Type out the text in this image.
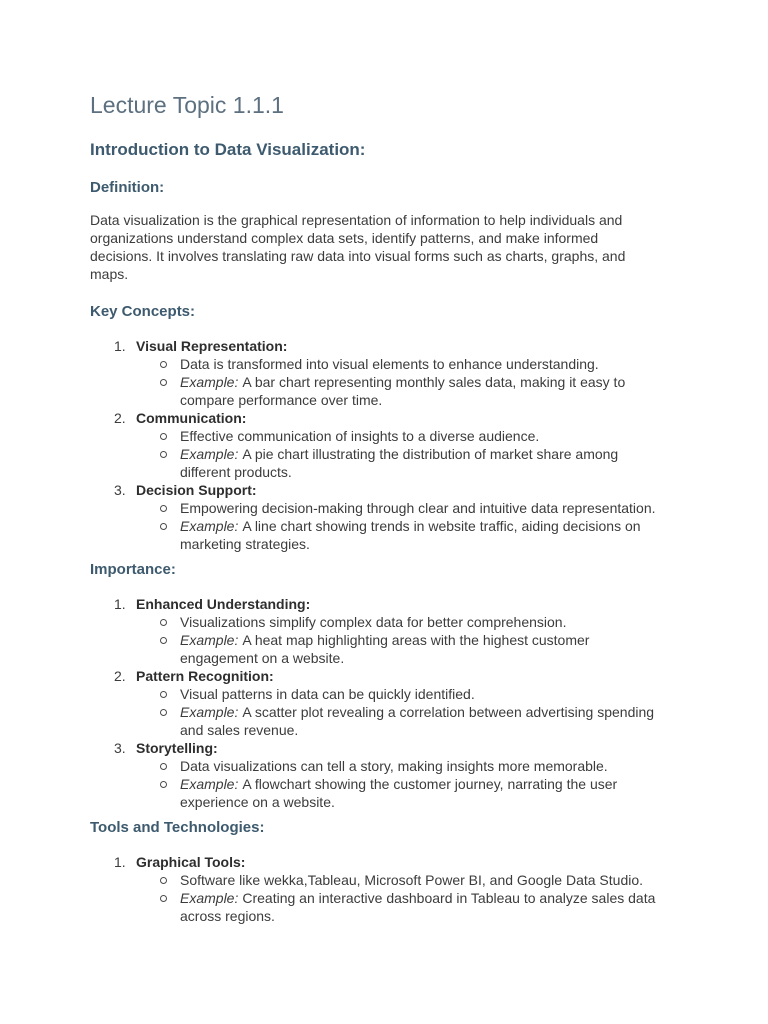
Lecture Topic 1.1.1
Introduction to Data Visualization:
Definition:
Data visualization is the graphical representation of information to help individuals and organizations understand complex data sets, identify patterns, and make informed decisions. It involves translating raw data into visual forms such as charts, graphs, and maps.
Key Concepts:
1. Visual Representation:
Data is transformed into visual elements to enhance understanding.
Example: A bar chart representing monthly sales data, making it easy to compare performance over time.
2. Communication:
Effective communication of insights to a diverse audience.
Example: A pie chart illustrating the distribution of market share among different products.
3. Decision Support:
Empowering decision-making through clear and intuitive data representation.
Example: A line chart showing trends in website traffic, aiding decisions on marketing strategies.
Importance:
1. Enhanced Understanding:
Visualizations simplify complex data for better comprehension.
Example: A heat map highlighting areas with the highest customer engagement on a website.
2. Pattern Recognition:
Visual patterns in data can be quickly identified.
Example: A scatter plot revealing a correlation between advertising spending and sales revenue.
3. Storytelling:
Data visualizations can tell a story, making insights more memorable.
Example: A flowchart showing the customer journey, narrating the user experience on a website.
Tools and Technologies:
1. Graphical Tools:
Software like wekka,Tableau, Microsoft Power BI, and Google Data Studio.
Example: Creating an interactive dashboard in Tableau to analyze sales data across regions.
